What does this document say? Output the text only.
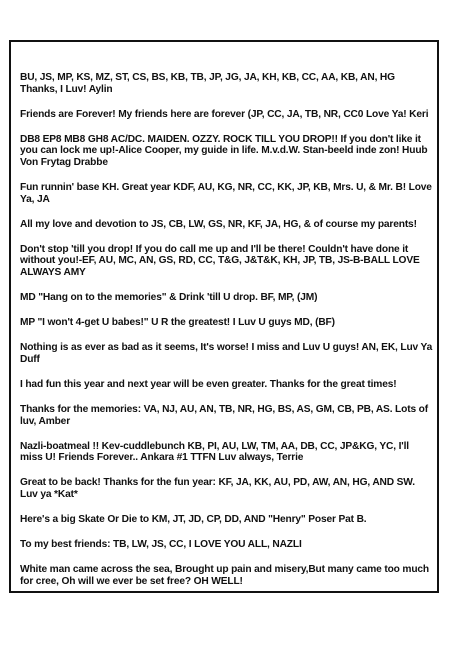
BU, JS, MP, KS, MZ, ST, CS, BS, KB, TB, JP, JG, JA, KH, KB, CC, AA, KB, AN, HG Thanks, I Luv! Aylin

Friends are Forever! My friends here are forever (JP, CC, JA, TB, NR, CC0 Love Ya! Keri

DB8 EP8 MB8 GH8 AC/DC. MAIDEN. OZZY. ROCK TILL YOU DROP!! If you don't like it you can lock me up!-Alice Cooper, my guide in life. M.v.d.W. Stan-beeld inde zon! Huub Von Frytag Drabbe

Fun runnin' base KH. Great year KDF, AU, KG, NR, CC, KK, JP, KB, Mrs. U, & Mr. B! Love Ya, JA

All my love and devotion to JS, CB, LW, GS, NR, KF, JA, HG, & of course my parents!

Don't stop 'till you drop! If you do call me up and I'll be there! Couldn't have done it without you!-EF, AU, MC, AN, GS, RD, CC, T&G, J&T&K, KH, JP, TB, JS-B-BALL LOVE ALWAYS AMY

MD "Hang on to the memories" & Drink 'till U drop. BF, MP, (JM)

MP "I won't 4-get U babes!" U R the greatest! I Luv U guys MD, (BF)

Nothing is as ever as bad as it seems, It's worse! I miss and Luv U guys! AN, EK, Luv Ya Duff

I had fun this year and next year will be even greater. Thanks for the great times!

Thanks for the memories: VA, NJ, AU, AN, TB, NR, HG, BS, AS, GM, CB, PB, AS. Lots of luv, Amber

Nazli-boatmeal !! Kev-cuddlebunch KB, PI, AU, LW, TM, AA, DB, CC, JP&KG, YC, I'll miss U! Friends Forever.. Ankara #1 TTFN Luv always, Terrie

Great to be back! Thanks for the fun year: KF, JA, KK, AU, PD, AW, AN, HG, AND SW. Luv ya *Kat*

Here's a big Skate Or Die to KM, JT, JD, CP, DD, AND "Henry" Poser Pat B.

To my best friends: TB, LW, JS, CC, I LOVE YOU ALL, NAZLI

White man came across the sea, Brought up pain and misery,But many came too much for cree, Oh will we ever be set free? OH WELL!
